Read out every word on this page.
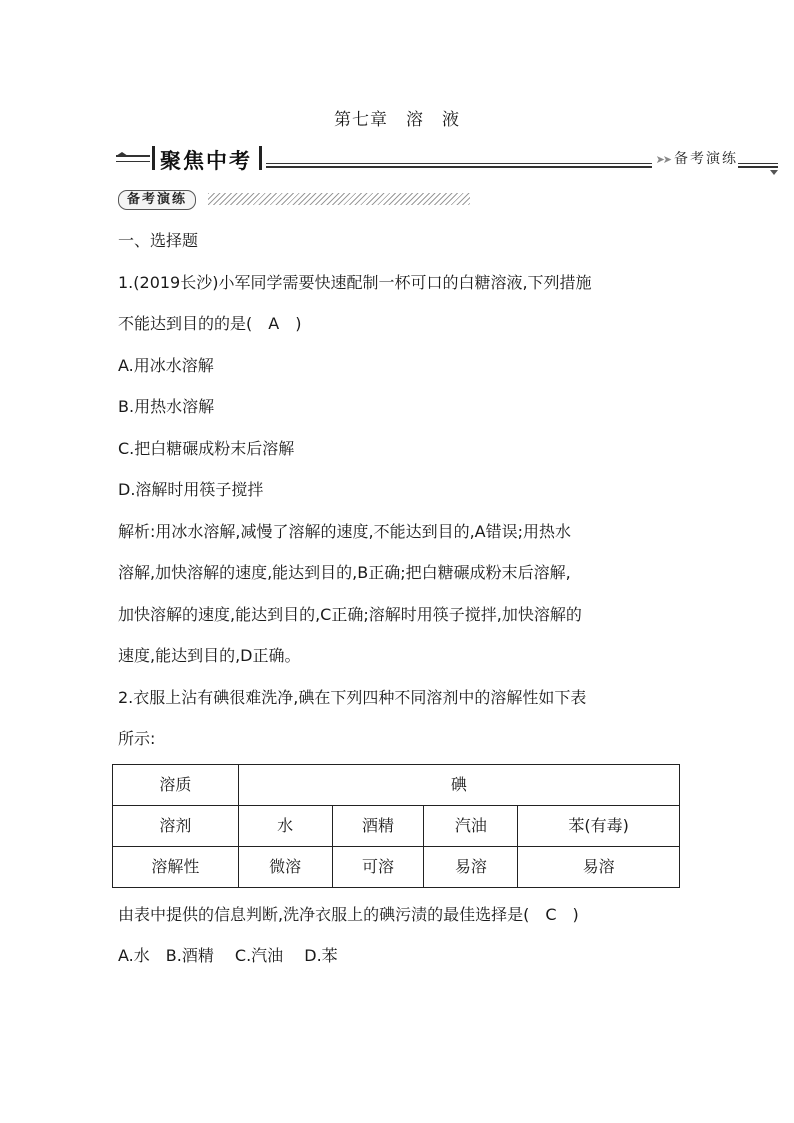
第七章　溶　液
聚焦中考	➤➤ 备考演练
备考演练
一、选择题
1.(2019长沙)小军同学需要快速配制一杯可口的白糖溶液,下列措施
不能达到目的的是(　A　)
A.用冰水溶解
B.用热水溶解
C.把白糖碾成粉末后溶解
D.溶解时用筷子搅拌
解析:用冰水溶解,减慢了溶解的速度,不能达到目的,A错误;用热水
溶解,加快溶解的速度,能达到目的,B正确;把白糖碾成粉末后溶解,
加快溶解的速度,能达到目的,C正确;溶解时用筷子搅拌,加快溶解的
速度,能达到目的,D正确。
2.衣服上沾有碘很难洗净,碘在下列四种不同溶剂中的溶解性如下表
所示:
溶质	碘			
溶剂	水	酒精	汽油	苯(有毒)
溶解性	微溶	可溶	易溶	易溶
由表中提供的信息判断,洗净衣服上的碘污渍的最佳选择是(　C　)
A.水　B.酒精　 C.汽油　 D.苯
